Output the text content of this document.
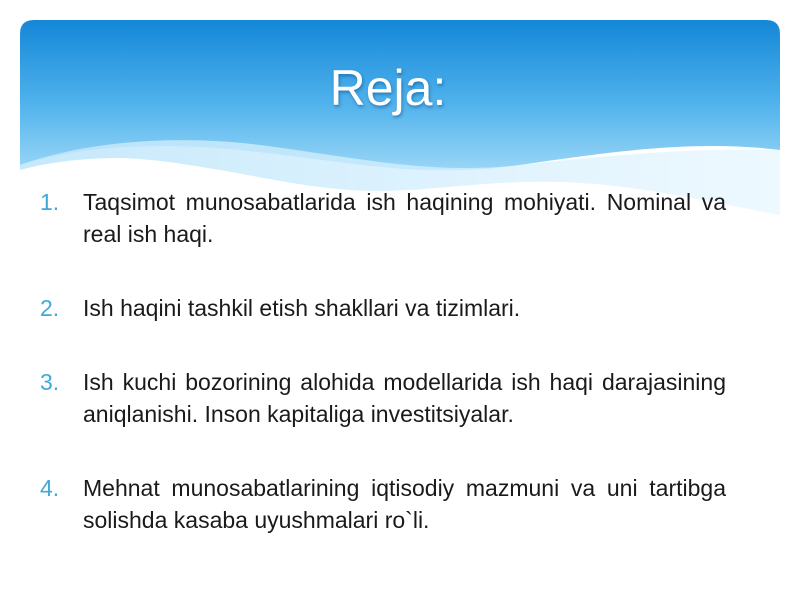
Reja:
1.	Taqsimot munosabatlarida ish haqining mohiyati. Nominal va real ish haqi.
2.	Ish haqini tashkil etish shakllari va tizimlari.
3.	Ish kuchi bozorining alohida modellarida ish haqi darajasining aniqlanishi. Inson kapitaliga investitsiyalar.
4.	Mehnat munosabatlarining iqtisodiy mazmuni va uni tartibga solishda kasaba uyushmalari ro`li.
